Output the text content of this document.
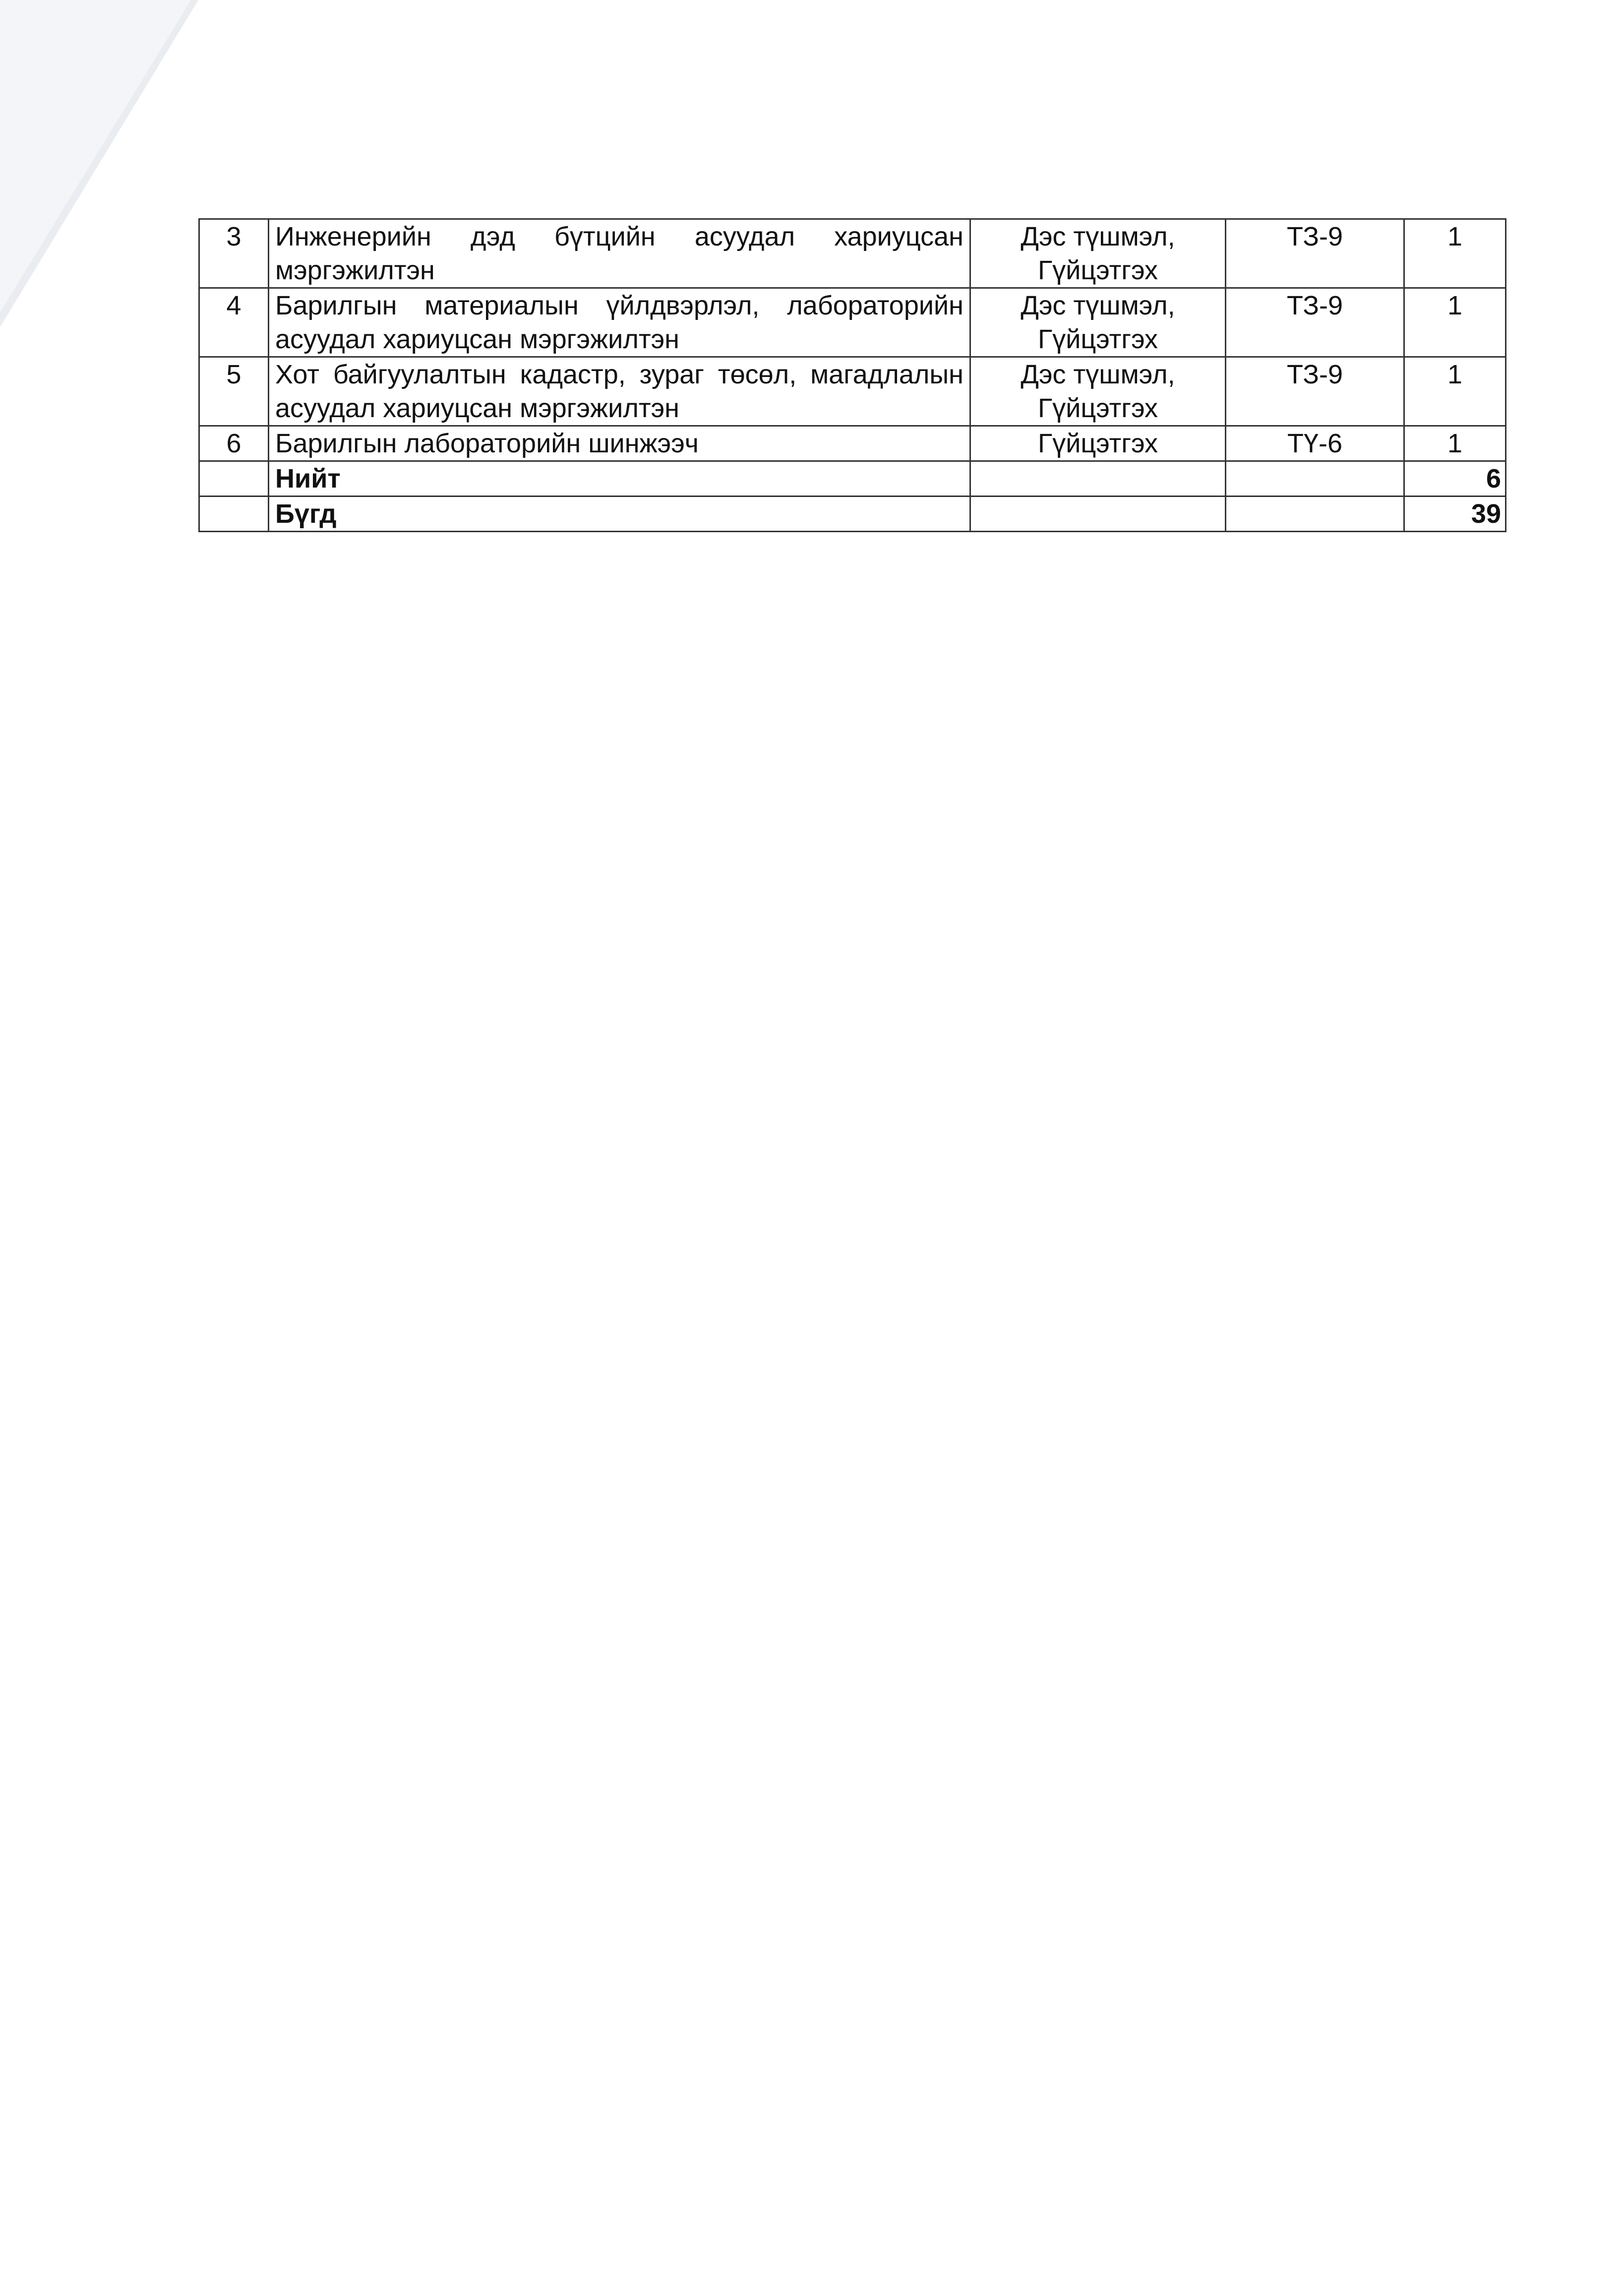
3	Инженерийн дэд бүтцийн асуудал хариуцсан мэргэжилтэн	Дэс түшмэл, Гүйцэтгэх	ТЗ-9	1
4	Барилгын материалын үйлдвэрлэл, лабораторийн асуудал хариуцсан мэргэжилтэн	Дэс түшмэл, Гүйцэтгэх	ТЗ-9	1
5	Хот байгуулалтын кадастр, зураг төсөл, магадлалын асуудал хариуцсан мэргэжилтэн	Дэс түшмэл, Гүйцэтгэх	ТЗ-9	1
6	Барилгын лабораторийн шинжээч	Гүйцэтгэх	ТҮ-6	1
	Нийт			6
	Бүгд			39
